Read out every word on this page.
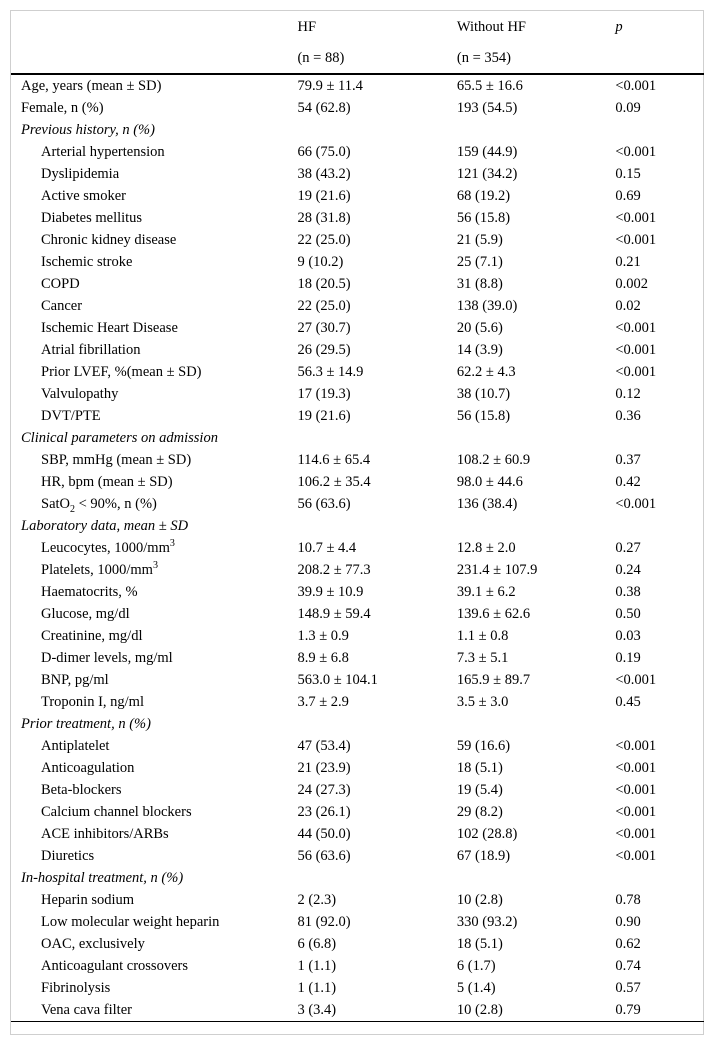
	HF	Without HF	p
	(n = 88)	(n = 354)	
Age, years (mean ± SD)	79.9 ± 11.4	65.5 ± 16.6	<0.001
Female, n (%)	54 (62.8)	193 (54.5)	0.09
Previous history, n (%)			
Arterial hypertension	66 (75.0)	159 (44.9)	<0.001
Dyslipidemia	38 (43.2)	121 (34.2)	0.15
Active smoker	19 (21.6)	68 (19.2)	0.69
Diabetes mellitus	28 (31.8)	56 (15.8)	<0.001
Chronic kidney disease	22 (25.0)	21 (5.9)	<0.001
Ischemic stroke	9 (10.2)	25 (7.1)	0.21
COPD	18 (20.5)	31 (8.8)	0.002
Cancer	22 (25.0)	138 (39.0)	0.02
Ischemic Heart Disease	27 (30.7)	20 (5.6)	<0.001
Atrial fibrillation	26 (29.5)	14 (3.9)	<0.001
Prior LVEF, %(mean ± SD)	56.3 ± 14.9	62.2 ± 4.3	<0.001
Valvulopathy	17 (19.3)	38 (10.7)	0.12
DVT/PTE	19 (21.6)	56 (15.8)	0.36
Clinical parameters on admission			
SBP, mmHg (mean ± SD)	114.6 ± 65.4	108.2 ± 60.9	0.37
HR, bpm (mean ± SD)	106.2 ± 35.4	98.0 ± 44.6	0.42
SatO$_2$ < 90%, n (%)	56 (63.6)	136 (38.4)	<0.001
Laboratory data, mean ± SD			
Leucocytes, $1000/mm^3$	10.7 ± 4.4	12.8 ± 2.0	0.27
Platelets, $1000/mm^3$	208.2 ± 77.3	231.4 ± 107.9	0.24
Haematocrits, %	39.9 ± 10.9	39.1 ± 6.2	0.38
Glucose, mg/dl	148.9 ± 59.4	139.6 ± 62.6	0.50
Creatinine, mg/dl	1.3 ± 0.9	1.1 ± 0.8	0.03
D-dimer levels, mg/ml	8.9 ± 6.8	7.3 ± 5.1	0.19
BNP, pg/ml	563.0 ± 104.1	165.9 ± 89.7	<0.001
Troponin I, ng/ml	3.7 ± 2.9	3.5 ± 3.0	0.45
Prior treatment, n (%)			
Antiplatelet	47 (53.4)	59 (16.6)	<0.001
Anticoagulation	21 (23.9)	18 (5.1)	<0.001
Beta-blockers	24 (27.3)	19 (5.4)	<0.001
Calcium channel blockers	23 (26.1)	29 (8.2)	<0.001
ACE inhibitors/ARBs	44 (50.0)	102 (28.8)	<0.001
Diuretics	56 (63.6)	67 (18.9)	<0.001
In-hospital treatment, n (%)			
Heparin sodium	2 (2.3)	10 (2.8)	0.78
Low molecular weight heparin	81 (92.0)	330 (93.2)	0.90
OAC, exclusively	6 (6.8)	18 (5.1)	0.62
Anticoagulant crossovers	1 (1.1)	6 (1.7)	0.74
Fibrinolysis	1 (1.1)	5 (1.4)	0.57
Vena cava filter	3 (3.4)	10 (2.8)	0.79
